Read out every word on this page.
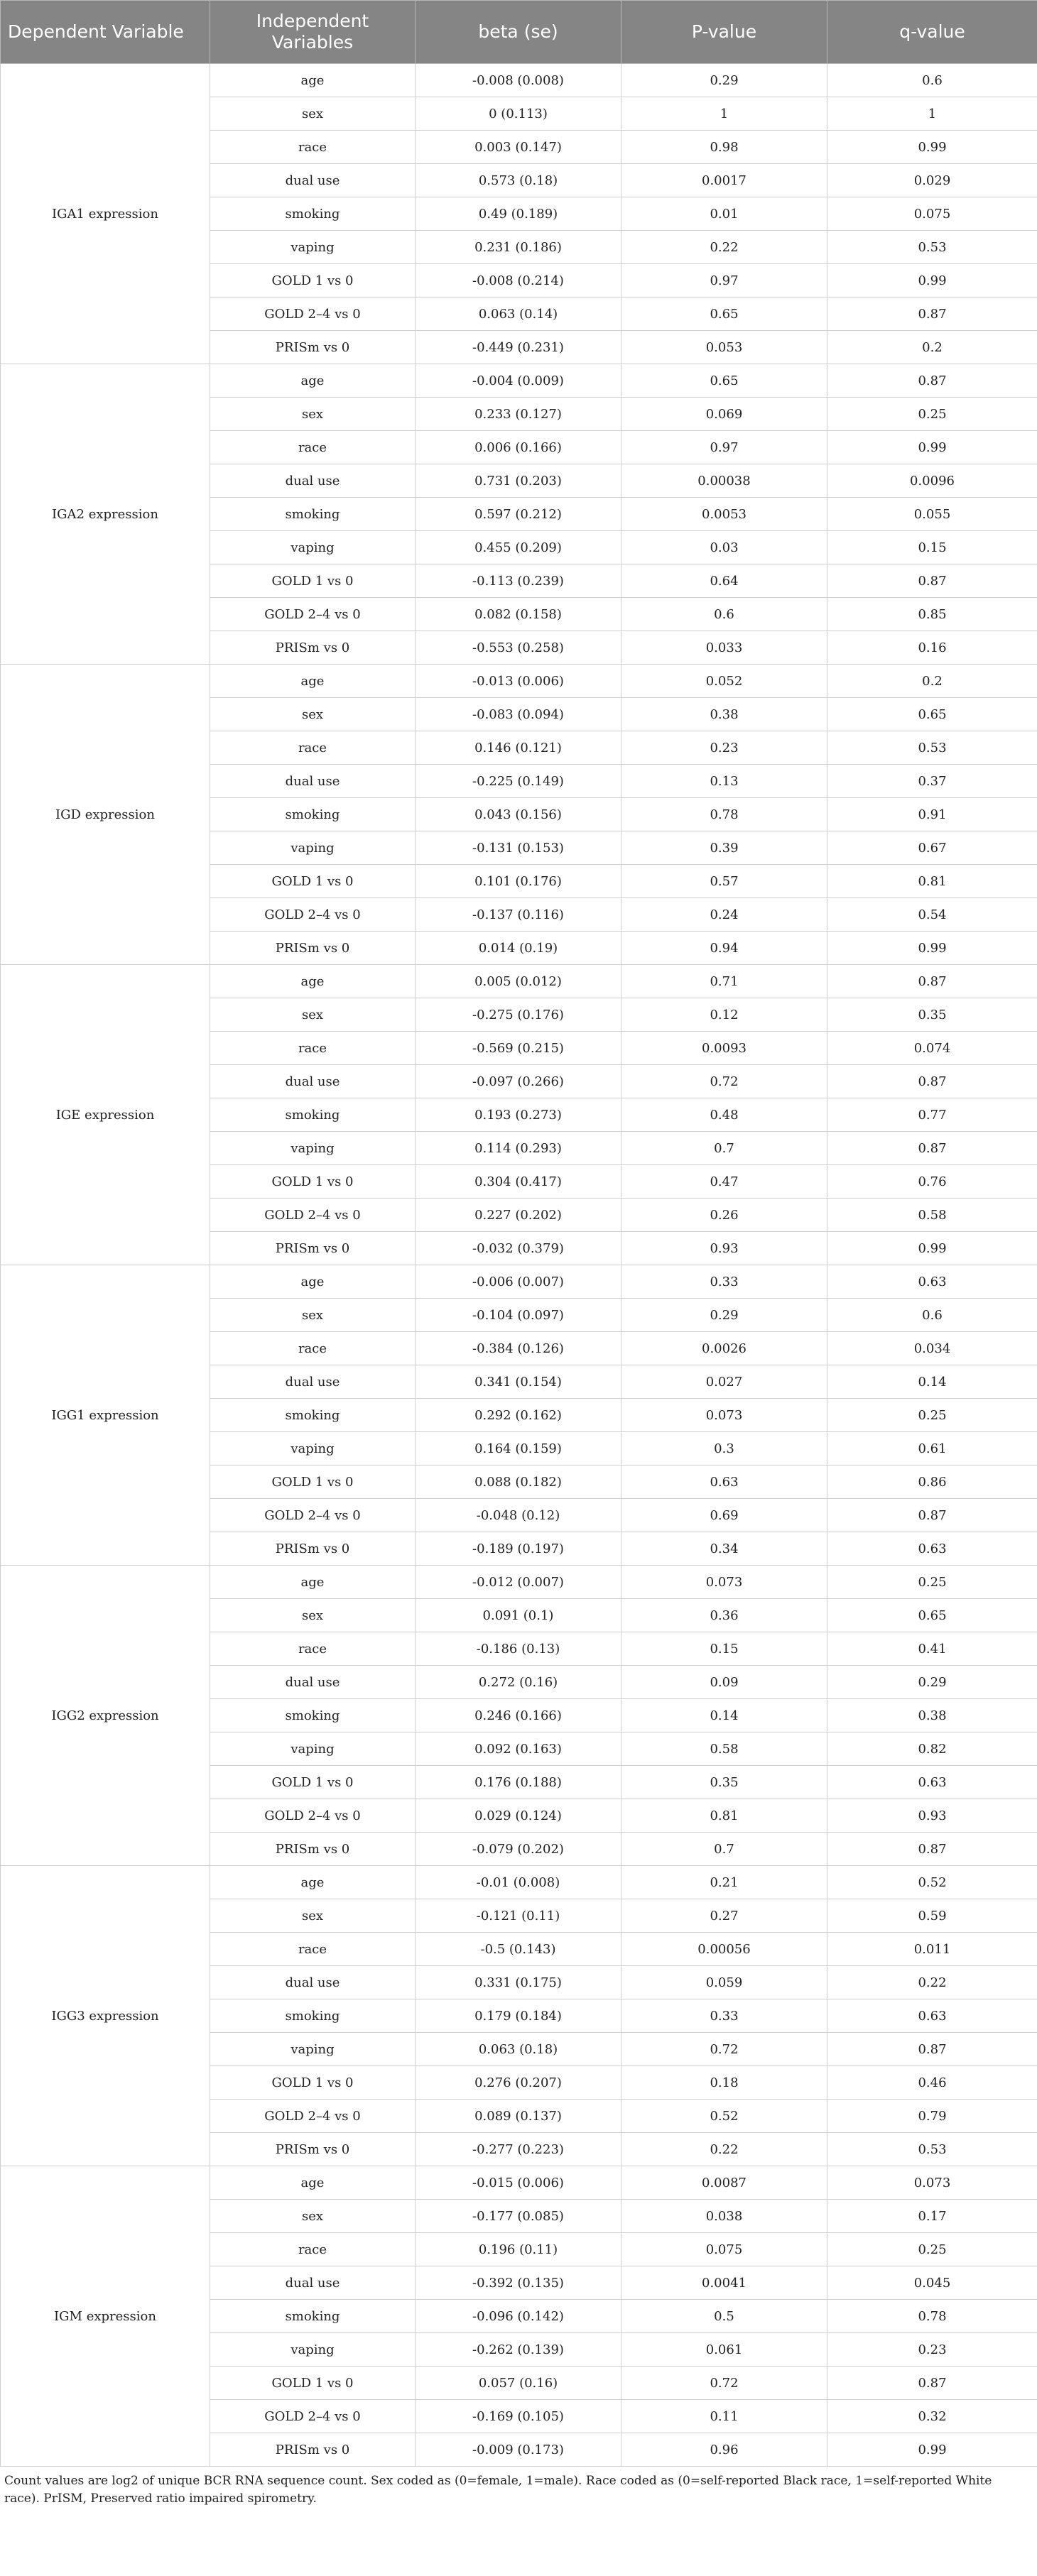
Dependent Variable	Independent Variables	beta (se)	P-value	q-value
IGA1 expression	age	-0.008 (0.008)	0.29	0.6
	sex	0 (0.113)	1	1
	race	0.003 (0.147)	0.98	0.99
	dual use	0.573 (0.18)	0.0017	0.029
	smoking	0.49 (0.189)	0.01	0.075
	vaping	0.231 (0.186)	0.22	0.53
	GOLD 1 vs 0	-0.008 (0.214)	0.97	0.99
	GOLD 2–4 vs 0	0.063 (0.14)	0.65	0.87
	PRISm vs 0	-0.449 (0.231)	0.053	0.2
IGA2 expression	age	-0.004 (0.009)	0.65	0.87
	sex	0.233 (0.127)	0.069	0.25
	race	0.006 (0.166)	0.97	0.99
	dual use	0.731 (0.203)	0.00038	0.0096
	smoking	0.597 (0.212)	0.0053	0.055
	vaping	0.455 (0.209)	0.03	0.15
	GOLD 1 vs 0	-0.113 (0.239)	0.64	0.87
	GOLD 2–4 vs 0	0.082 (0.158)	0.6	0.85
	PRISm vs 0	-0.553 (0.258)	0.033	0.16
IGD expression	age	-0.013 (0.006)	0.052	0.2
	sex	-0.083 (0.094)	0.38	0.65
	race	0.146 (0.121)	0.23	0.53
	dual use	-0.225 (0.149)	0.13	0.37
	smoking	0.043 (0.156)	0.78	0.91
	vaping	-0.131 (0.153)	0.39	0.67
	GOLD 1 vs 0	0.101 (0.176)	0.57	0.81
	GOLD 2–4 vs 0	-0.137 (0.116)	0.24	0.54
	PRISm vs 0	0.014 (0.19)	0.94	0.99
IGE expression	age	0.005 (0.012)	0.71	0.87
	sex	-0.275 (0.176)	0.12	0.35
	race	-0.569 (0.215)	0.0093	0.074
	dual use	-0.097 (0.266)	0.72	0.87
	smoking	0.193 (0.273)	0.48	0.77
	vaping	0.114 (0.293)	0.7	0.87
	GOLD 1 vs 0	0.304 (0.417)	0.47	0.76
	GOLD 2–4 vs 0	0.227 (0.202)	0.26	0.58
	PRISm vs 0	-0.032 (0.379)	0.93	0.99
IGG1 expression	age	-0.006 (0.007)	0.33	0.63
	sex	-0.104 (0.097)	0.29	0.6
	race	-0.384 (0.126)	0.0026	0.034
	dual use	0.341 (0.154)	0.027	0.14
	smoking	0.292 (0.162)	0.073	0.25
	vaping	0.164 (0.159)	0.3	0.61
	GOLD 1 vs 0	0.088 (0.182)	0.63	0.86
	GOLD 2–4 vs 0	-0.048 (0.12)	0.69	0.87
	PRISm vs 0	-0.189 (0.197)	0.34	0.63
IGG2 expression	age	-0.012 (0.007)	0.073	0.25
	sex	0.091 (0.1)	0.36	0.65
	race	-0.186 (0.13)	0.15	0.41
	dual use	0.272 (0.16)	0.09	0.29
	smoking	0.246 (0.166)	0.14	0.38
	vaping	0.092 (0.163)	0.58	0.82
	GOLD 1 vs 0	0.176 (0.188)	0.35	0.63
	GOLD 2–4 vs 0	0.029 (0.124)	0.81	0.93
	PRISm vs 0	-0.079 (0.202)	0.7	0.87
IGG3 expression	age	-0.01 (0.008)	0.21	0.52
	sex	-0.121 (0.11)	0.27	0.59
	race	-0.5 (0.143)	0.00056	0.011
	dual use	0.331 (0.175)	0.059	0.22
	smoking	0.179 (0.184)	0.33	0.63
	vaping	0.063 (0.18)	0.72	0.87
	GOLD 1 vs 0	0.276 (0.207)	0.18	0.46
	GOLD 2–4 vs 0	0.089 (0.137)	0.52	0.79
	PRISm vs 0	-0.277 (0.223)	0.22	0.53
IGM expression	age	-0.015 (0.006)	0.0087	0.073
	sex	-0.177 (0.085)	0.038	0.17
	race	0.196 (0.11)	0.075	0.25
	dual use	-0.392 (0.135)	0.0041	0.045
	smoking	-0.096 (0.142)	0.5	0.78
	vaping	-0.262 (0.139)	0.061	0.23
	GOLD 1 vs 0	0.057 (0.16)	0.72	0.87
	GOLD 2–4 vs 0	-0.169 (0.105)	0.11	0.32
	PRISm vs 0	-0.009 (0.173)	0.96	0.99
Count values are log2 of unique BCR RNA sequence count. Sex coded as (0=female, 1=male). Race coded as (0=self-reported Black race, 1=self-reported White race). PrISM, Preserved ratio impaired spirometry.
